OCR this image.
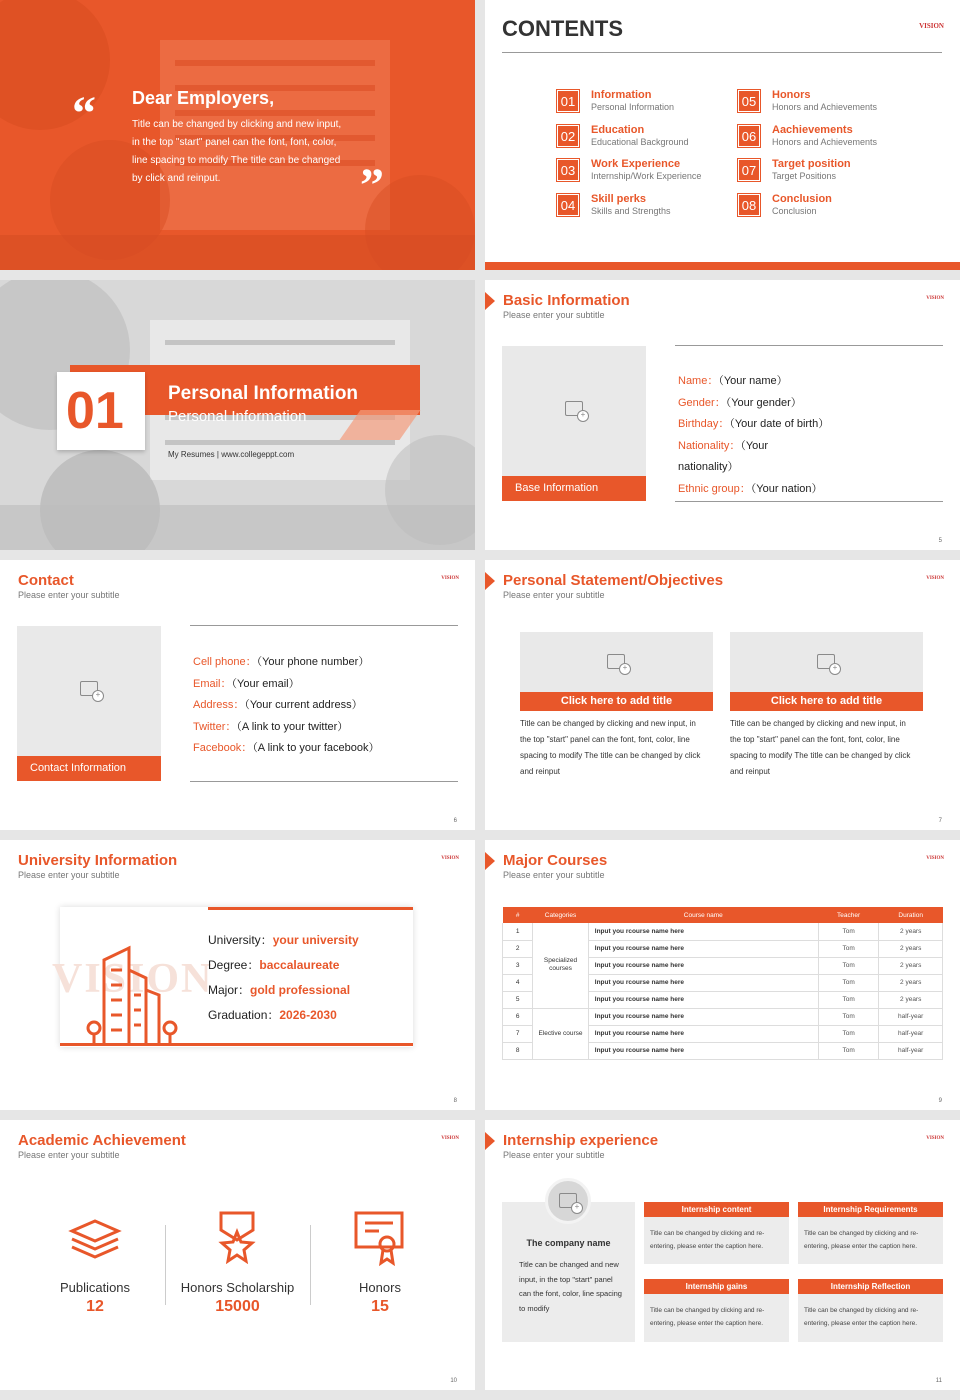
“ Dear Employers,
Title can be changed by clicking and new input, in the top "start" panel can the font, font, color, line spacing to modify The title can be changed by click and reinput.	”
CONTENTS	VISION
01	Information
Personal Information
02	Education
Educational Background
03	Work Experience
Internship/Work Experience
04	Skill perks
Skills and Strengths
05	Honors
Honors and Achievements
06	Aachievements
Honors and Achievements
07	Target position
Target Positions
08	Conclusion
Conclusion
01 Personal Information
Personal Information
My Resumes | www.collegeppt.com
Basic Information
Please enter your subtitle
VISION
+
Base Information
Name：（Your name）
Gender：（Your gender）
Birthday：（Your date of birth）
Nationality：（Your
nationality）
Ethnic group：（Your nation）
5
Contact
Please enter your subtitle
VISION
+
Contact Information
Cell phone：（Your phone number）
Email：（Your email）
Address：（Your current address）
Twitter：（A link to your twitter）
Facebook：（A link to your facebook）
6
Personal Statement/Objectives
Please enter your subtitle
VISION
+
Click here to add title
Title can be changed by clicking and new input, in the top "start" panel can the font, font, color, line spacing to modify The title can be changed by click and reinput
+
Click here to add title
Title can be changed by clicking and new input, in the top "start" panel can the font, font, color, line spacing to modify The title can be changed by click and reinput
7
University Information
Please enter your subtitle
VISION
VISION
University：your university
Degree：baccalaureate
Major：gold professional
Graduation：2026-2030
8
Major Courses
Please enter your subtitle
VISION
#	Categories	Course name	Teacher	Duration
1	Specialized courses	Input you rcourse name here	Tom	2 years
2		Input you rcourse name here	Tom	2 years
3		Input you rcourse name here	Tom	2 years
4		Input you rcourse name here	Tom	2 years
5		Input you rcourse name here	Tom	2 years
6	Elective course	Input you rcourse name here	Tom	half-year
7		Input you rcourse name here	Tom	half-year
8		Input you rcourse name here	Tom	half-year
9
Academic Achievement
Please enter your subtitle
VISION
Publications
12
Honors Scholarship
15000
Honors
15
10
Internship experience
Please enter your subtitle
VISION
+
The company name
Title can be changed and new input, in the top "start" panel can the font, color, line spacing to modify
Internship content
Title can be changed by clicking and re-entering, please enter the caption here.
Internship Requirements
Title can be changed by clicking and re-entering, please enter the caption here.
Internship gains
Title can be changed by clicking and re-entering, please enter the caption here.
Internship Reflection
Title can be changed by clicking and re-entering, please enter the caption here.
11
